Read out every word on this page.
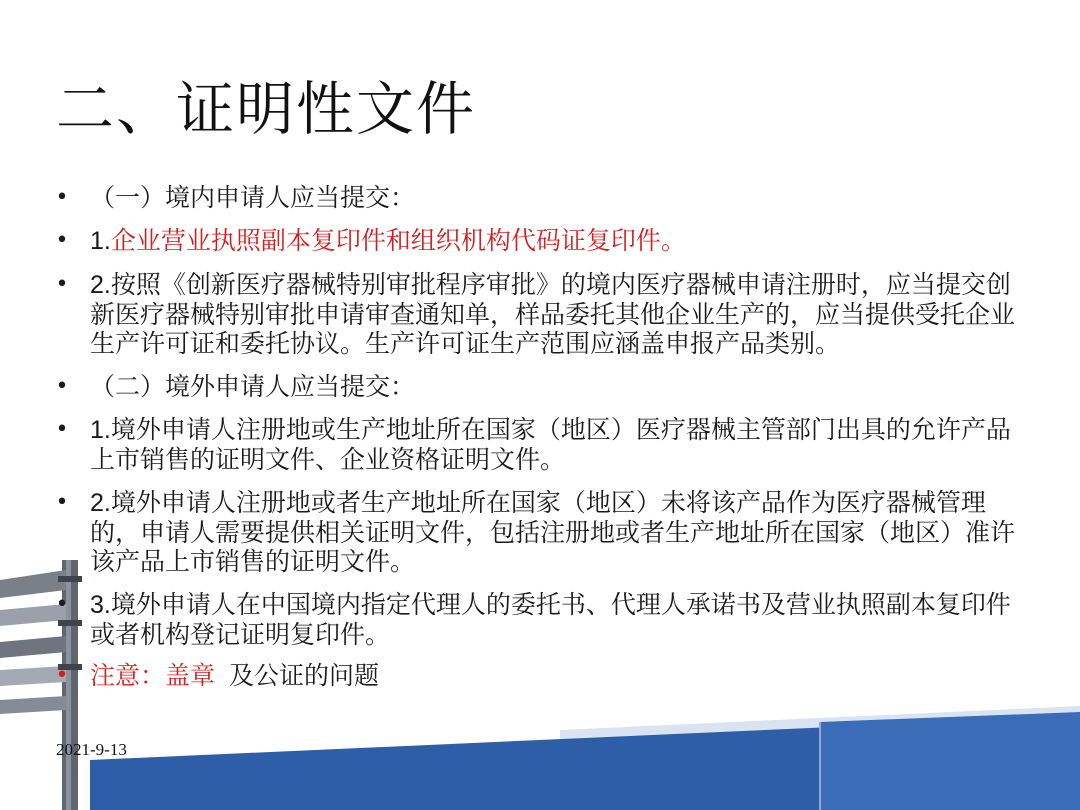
二、证明性文件
• （一）境内申请人应当提交：
• 1.企业营业执照副本复印件和组织机构代码证复印件。
• 2.按照《创新医疗器械特别审批程序审批》的境内医疗器械申请注册时，应当提交创新医疗器械特别审批申请审查通知单，样品委托其他企业生产的，应当提供受托企业生产许可证和委托协议。生产许可证生产范围应涵盖申报产品类别。
• （二）境外申请人应当提交：
• 1.境外申请人注册地或生产地址所在国家（地区）医疗器械主管部门出具的允许产品上市销售的证明文件、企业资格证明文件。
• 2.境外申请人注册地或者生产地址所在国家（地区）未将该产品作为医疗器械管理的，申请人需要提供相关证明文件，包括注册地或者生产地址所在国家（地区）准许该产品上市销售的证明文件。
• 3.境外申请人在中国境内指定代理人的委托书、代理人承诺书及营业执照副本复印件或者机构登记证明复印件。
• 注意：盖章 及公证的问题
2021-9-13
